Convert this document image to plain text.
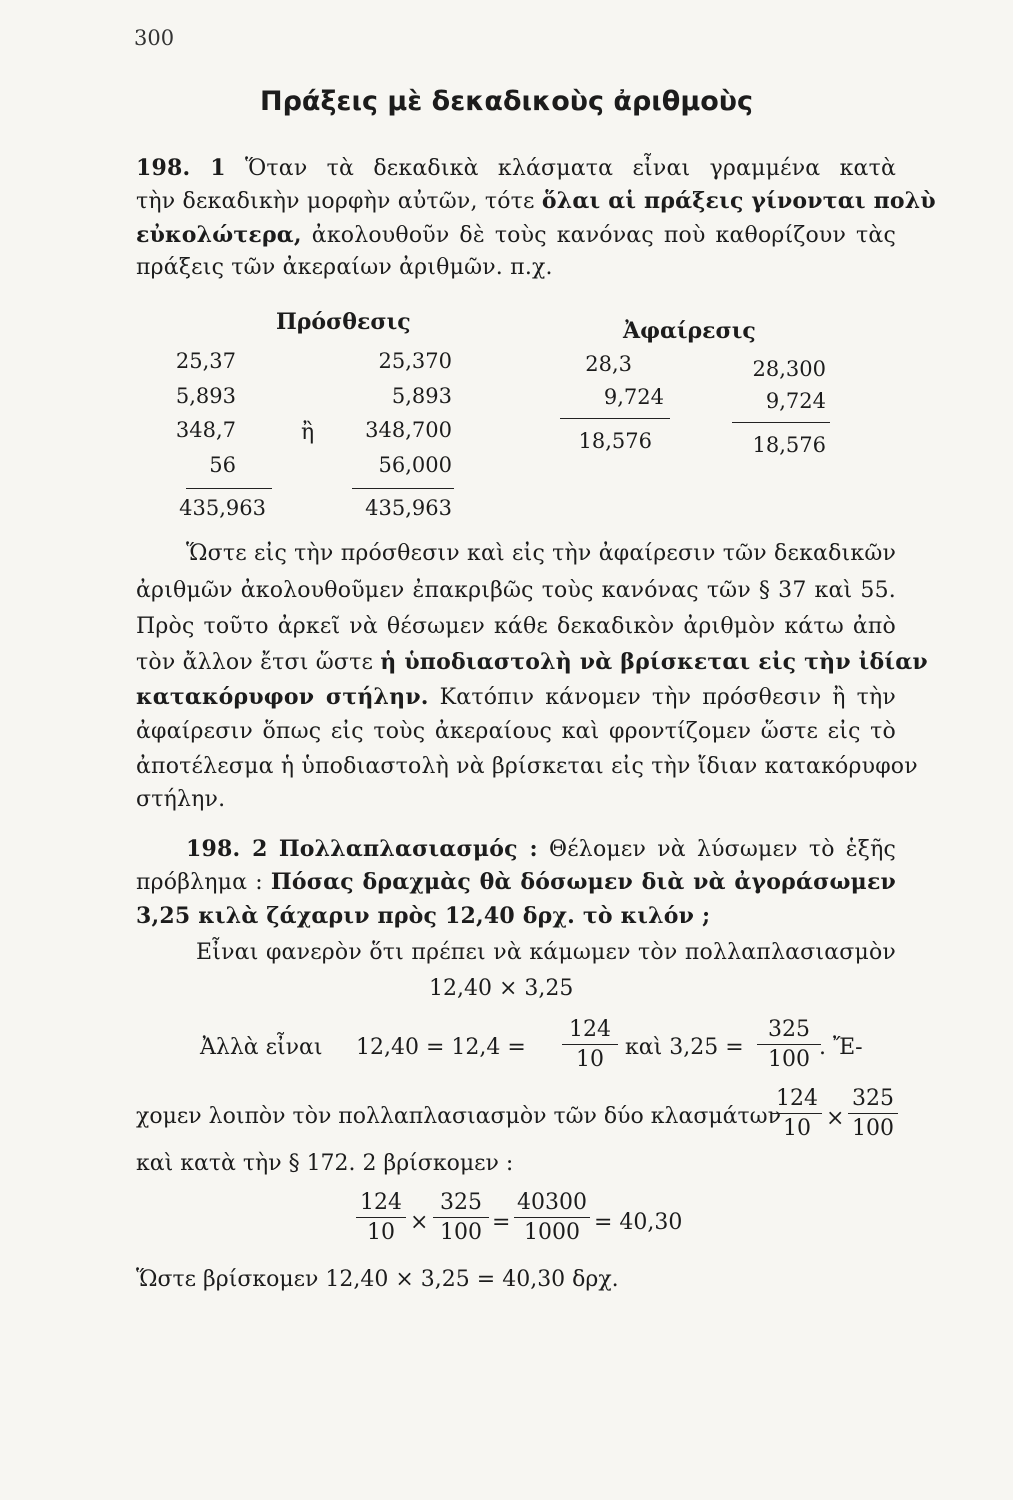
300
Πράξεις μὲ δεκαδικοὺς ἀριθμοὺς
198. 1 Ὅταν τὰ δεκαδικὰ κλάσματα εἶναι γραμμένα κατὰ
τὴν δεκαδικὴν μορφὴν αὐτῶν, τότε ὅλαι αἱ πράξεις γίνονται πολὺ
εὐκολώτερα, ἀκολουθοῦν δὲ τοὺς κανόνας ποὺ καθορίζουν τὰς
πράξεις τῶν ἀκεραίων ἀριθμῶν. π.χ.
Πρόσθεσις	Ἀφαίρεσις
25,37
5,893
348,7
56
435,963
ἢ
25,370
5,893
348,700
56,000
435,963
28,3
9,724
18,576
28,300
9,724
18,576
Ὥστε εἰς τὴν πρόσθεσιν καὶ εἰς τὴν ἀφαίρεσιν τῶν δεκαδικῶν
ἀριθμῶν ἀκολουθοῦμεν ἐπακριβῶς τοὺς κανόνας τῶν § 37 καὶ 55.
Πρὸς τοῦτο ἀρκεῖ νὰ θέσωμεν κάθε δεκαδικὸν ἀριθμὸν κάτω ἀπὸ
τὸν ἄλλον ἔτσι ὥστε ἡ ὑποδιαστολὴ νὰ βρίσκεται εἰς τὴν ἰδίαν
κατακόρυφον στήλην. Κατόπιν κάνομεν τὴν πρόσθεσιν ἢ τὴν
ἀφαίρεσιν ὅπως εἰς τοὺς ἀκεραίους καὶ φροντίζομεν ὥστε εἰς τὸ
ἀποτέλεσμα ἡ ὑποδιαστολὴ νὰ βρίσκεται εἰς τὴν ἴδιαν κατακόρυφον
στήλην.
198. 2 Πολλαπλασιασμός : Θέλομεν νὰ λύσωμεν τὸ ἑξῆς
πρόβλημα : Πόσας δραχμὰς θὰ δόσωμεν διὰ νὰ ἀγοράσωμεν
3,25 κιλὰ ζάχαριν πρὸς 12,40 δρχ. τὸ κιλόν ;
Εἶναι φανερὸν ὅτι πρέπει νὰ κάμωμεν τὸν πολλαπλασιασμὸν
12,40 × 3,25
Ἀλλὰ εἶναι $12,40 = 12,4 = \frac{124}{10}$ καὶ $3,25 = \frac{325}{100}$
. Ἔ-
χομεν λοιπὸν τὸν πολλαπλασιασμὸν τῶν δύο κλασμάτων
$\frac{124}{10} \times \frac{325}{100}$
καὶ κατὰ τὴν § 172. 2 βρίσκομεν :
$\frac{124}{10} \times \frac{325}{100} = \frac{40300}{1000} = 40,30$
Ὥστε βρίσκομεν 12,40 × 3,25 = 40,30 δρχ.
